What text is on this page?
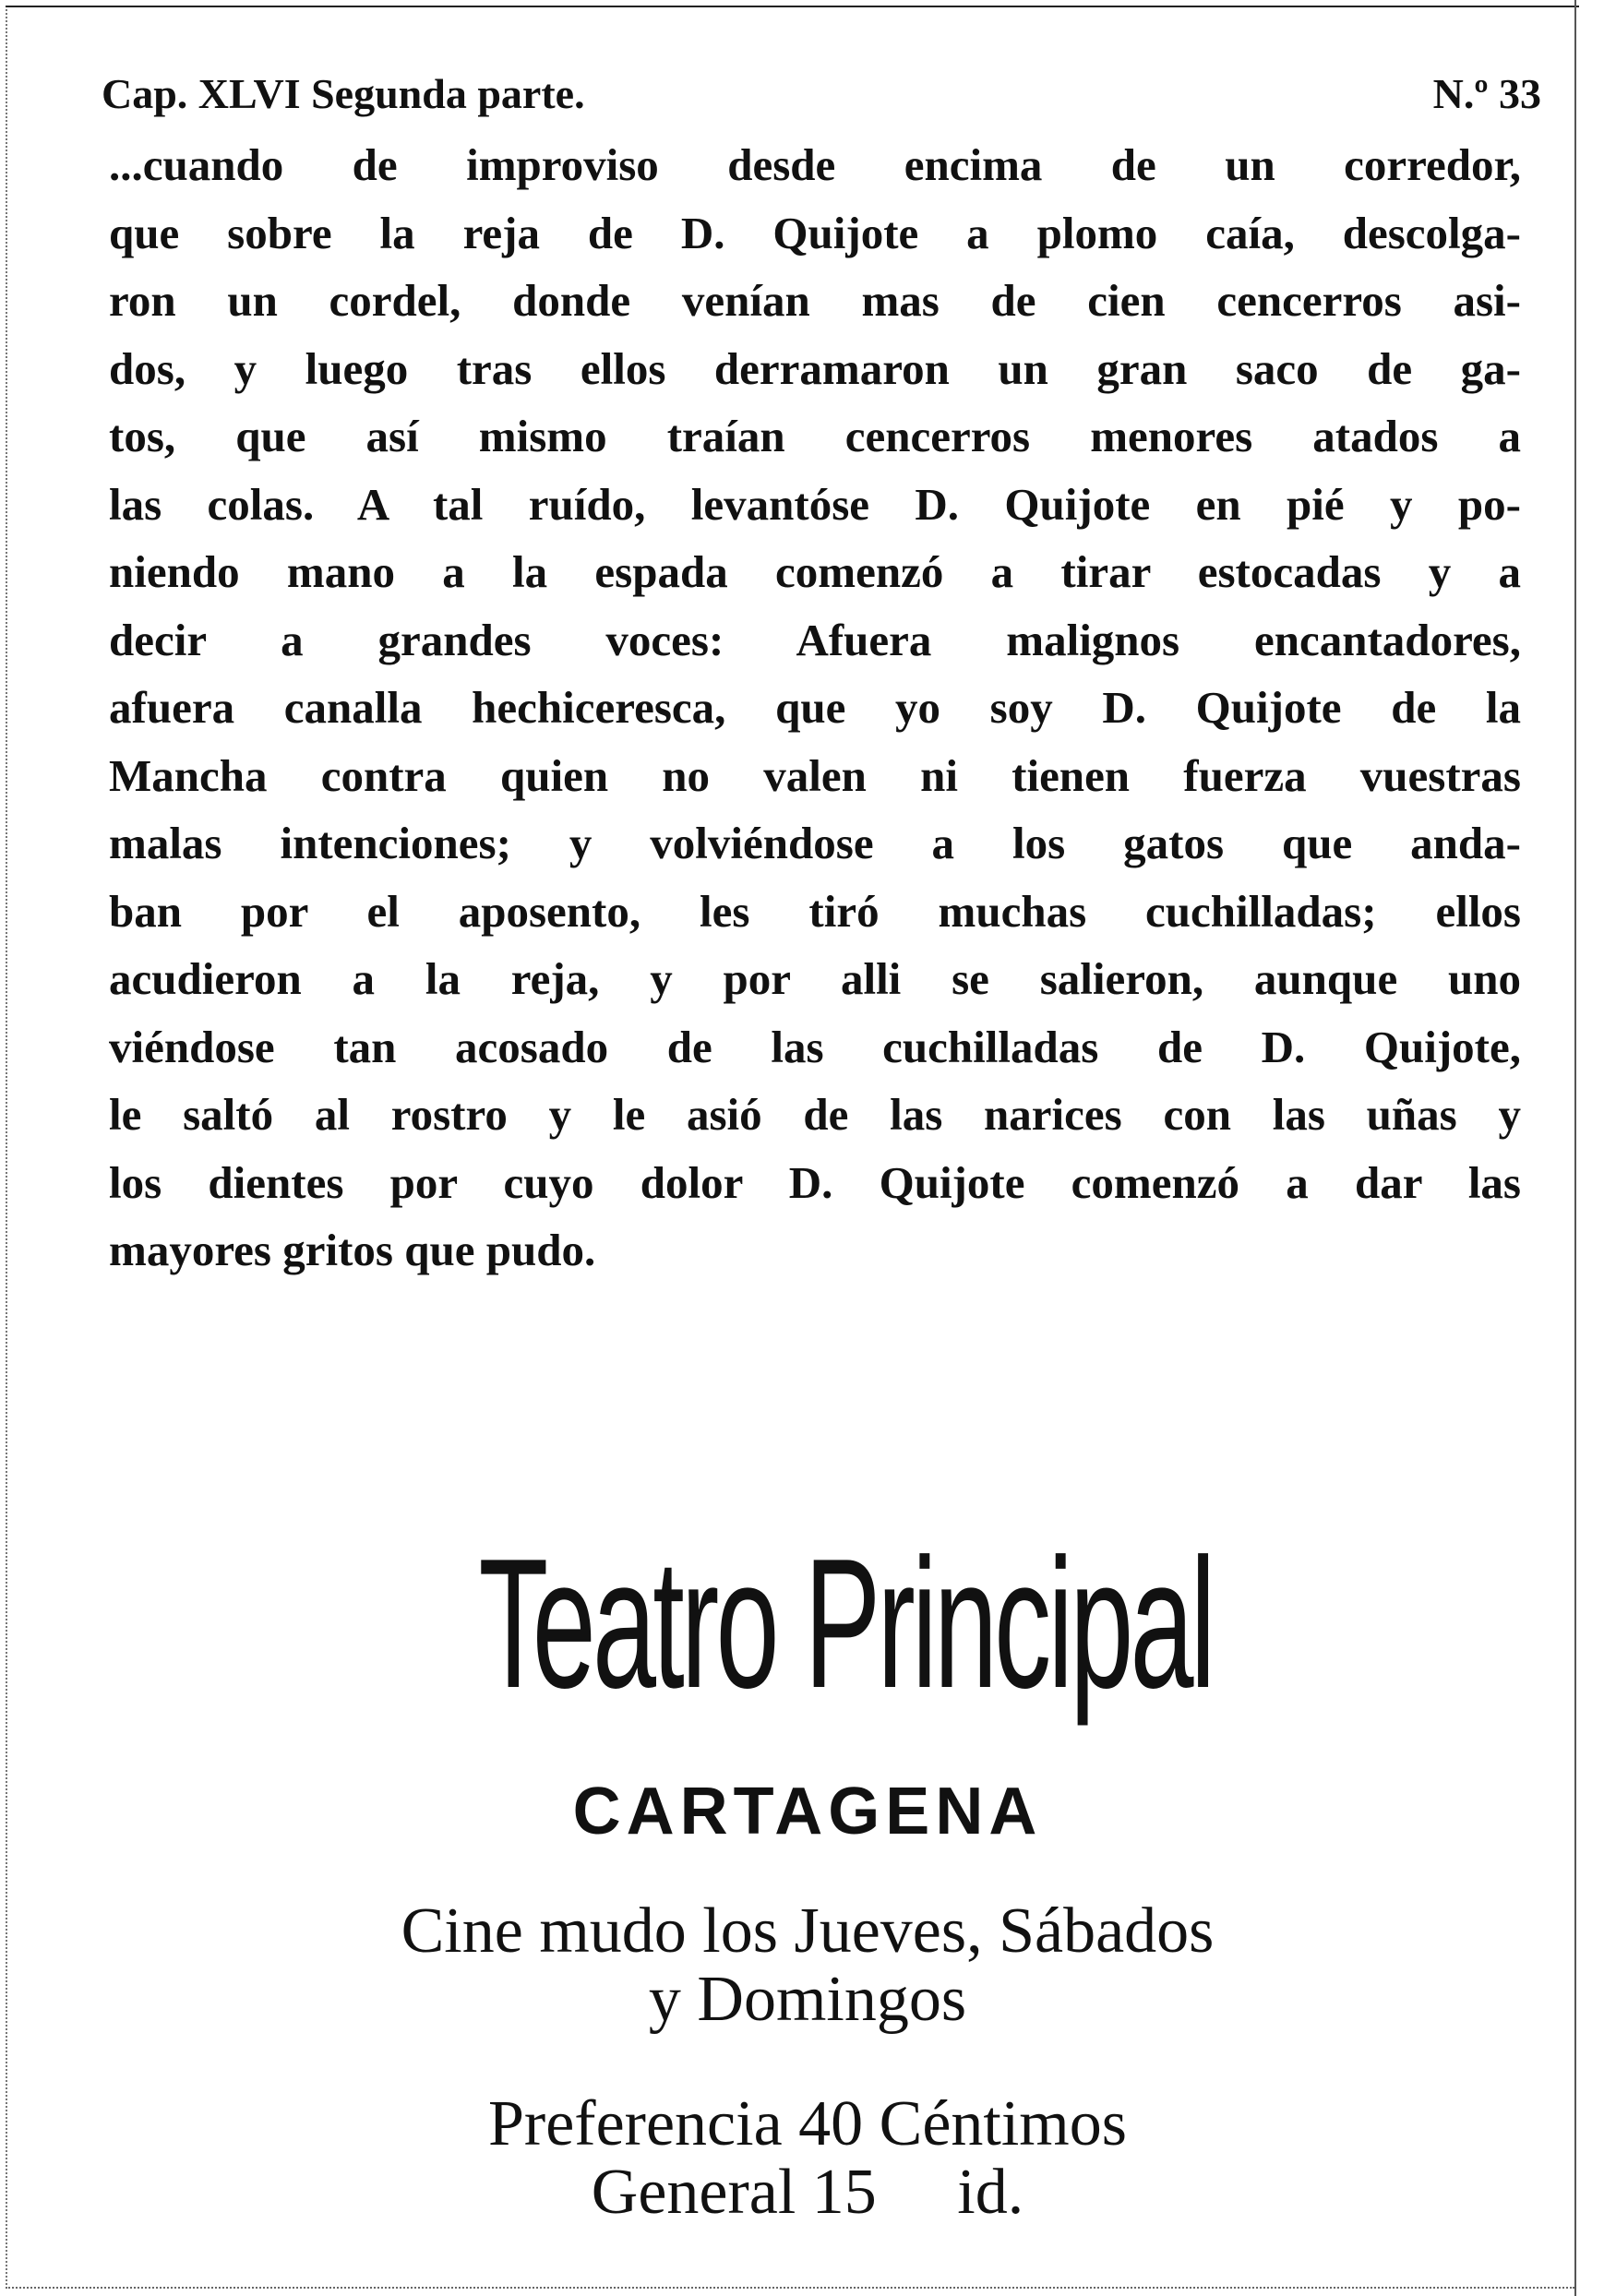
Cap. XLVI Segunda parte.	N.º 33
...cuando de improviso desde encima de un corredor,
que sobre la reja de D. Quijote a plomo caía, descolga-
ron un cordel, donde venían mas de cien cencerros asi-
dos, y luego tras ellos derramaron un gran saco de ga-
tos, que así mismo traían cencerros menores atados a
las colas. A tal ruído, levantóse D. Quijote en pié y po-
niendo mano a la espada comenzó a tirar estocadas y a
decir a grandes voces: Afuera malignos encantadores,
afuera canalla hechiceresca, que yo soy D. Quijote de la
Mancha contra quien no valen ni tienen fuerza vuestras
malas intenciones; y volviéndose a los gatos que anda-
ban por el aposento, les tiró muchas cuchilladas; ellos
acudieron a la reja, y por alli se salieron, aunque uno
viéndose tan acosado de las cuchilladas de D. Quijote,
le saltó al rostro y le asió de las narices con las uñas y
los dientes por cuyo dolor D. Quijote comenzó a dar las
mayores gritos que pudo.
Teatro Principal
CARTAGENA
Cine mudo los Jueves, Sábados
y Domingos
Preferencia 40 Céntimos
General 15     id.
